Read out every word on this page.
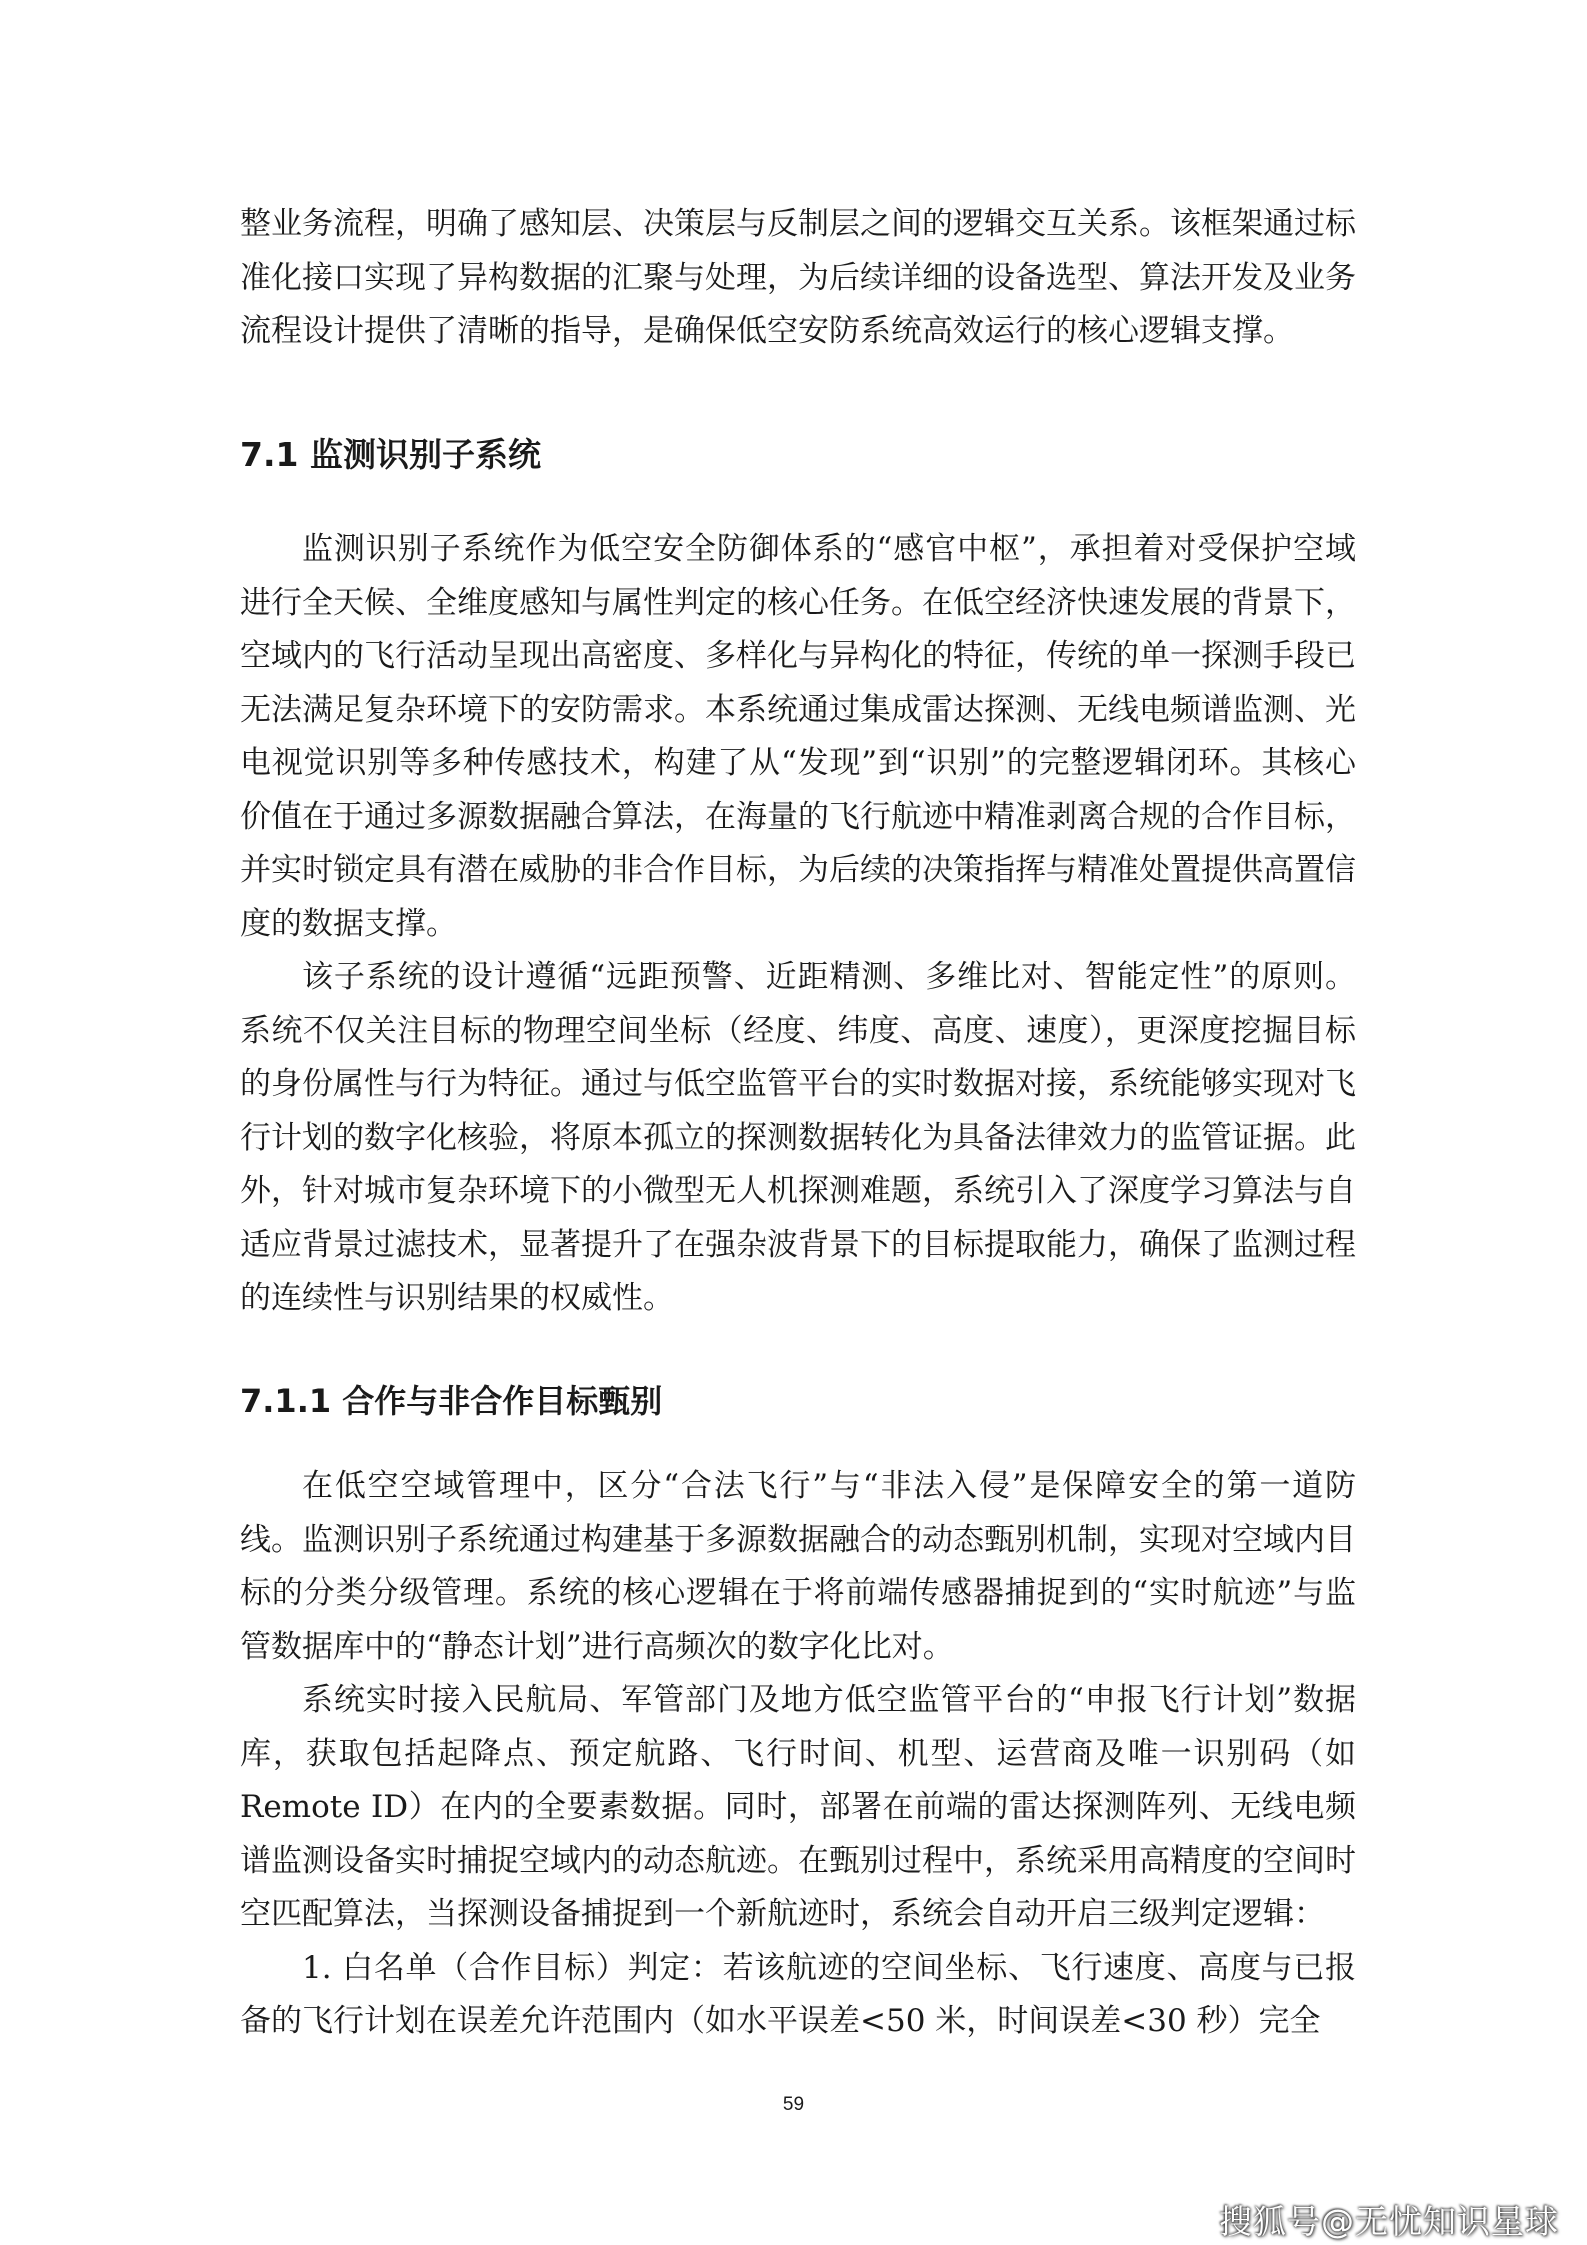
整业务流程，明确了感知层、决策层与反制层之间的逻辑交互关系。该框架通过标准化接口实现了异构数据的汇聚与处理，为后续详细的设备选型、算法开发及业务流程设计提供了清晰的指导，是确保低空安防系统高效运行的核心逻辑支撑。

7.1 监测识别子系统

监测识别子系统作为低空安全防御体系的“感官中枢”，承担着对受保护空域进行全天候、全维度感知与属性判定的核心任务。在低空经济快速发展的背景下，空域内的飞行活动呈现出高密度、多样化与异构化的特征，传统的单一探测手段已无法满足复杂环境下的安防需求。本系统通过集成雷达探测、无线电频谱监测、光电视觉识别等多种传感技术，构建了从“发现”到“识别”的完整逻辑闭环。其核心价值在于通过多源数据融合算法，在海量的飞行航迹中精准剥离合规的合作目标，并实时锁定具有潜在威胁的非合作目标，为后续的决策指挥与精准处置提供高置信度的数据支撑。

该子系统的设计遵循“远距预警、近距精测、多维比对、智能定性”的原则。系统不仅关注目标的物理空间坐标（经度、纬度、高度、速度），更深度挖掘目标的身份属性与行为特征。通过与低空监管平台的实时数据对接，系统能够实现对飞行计划的数字化核验，将原本孤立的探测数据转化为具备法律效力的监管证据。此外，针对城市复杂环境下的小微型无人机探测难题，系统引入了深度学习算法与自适应背景过滤技术，显著提升了在强杂波背景下的目标提取能力，确保了监测过程的连续性与识别结果的权威性。

7.1.1 合作与非合作目标甄别

在低空空域管理中，区分“合法飞行”与“非法入侵”是保障安全的第一道防线。监测识别子系统通过构建基于多源数据融合的动态甄别机制，实现对空域内目标的分类分级管理。系统的核心逻辑在于将前端传感器捕捉到的“实时航迹”与监管数据库中的“静态计划”进行高频次的数字化比对。

系统实时接入民航局、军管部门及地方低空监管平台的“申报飞行计划”数据库，获取包括起降点、预定航路、飞行时间、机型、运营商及唯一识别码（如 Remote ID）在内的全要素数据。同时，部署在前端的雷达探测阵列、无线电频谱监测设备实时捕捉空域内的动态航迹。在甄别过程中，系统采用高精度的空间时空匹配算法，当探测设备捕捉到一个新航迹时，系统会自动开启三级判定逻辑：

1. 白名单（合作目标）判定：若该航迹的空间坐标、飞行速度、高度与已报备的飞行计划在误差允许范围内（如水平误差<50 米，时间误差<30 秒）完全

59
搜狐号@无忧知识星球
